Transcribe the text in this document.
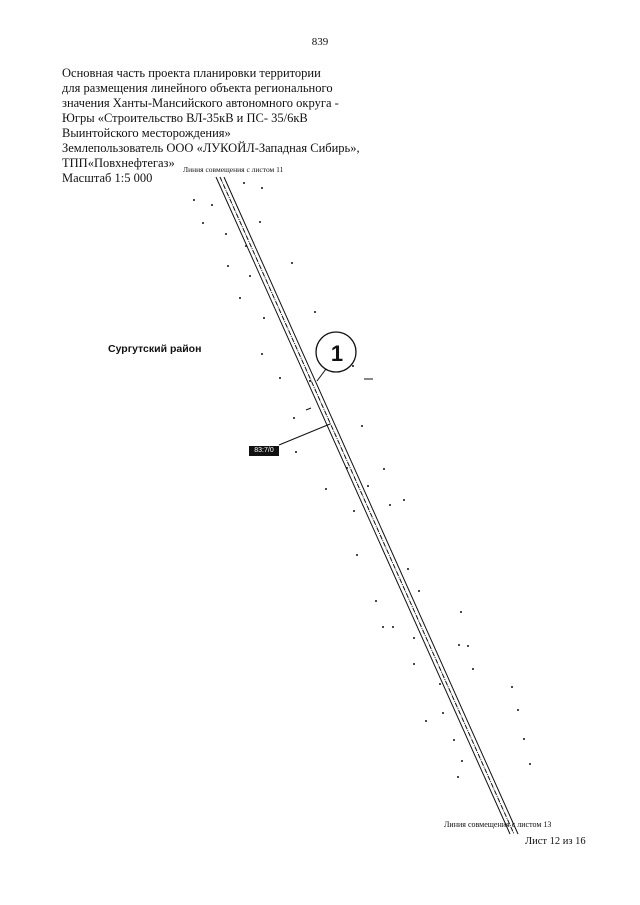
1
839
Основная часть проекта планировки территории
для размещения линейного объекта регионального
значения Ханты-Мансийского автономного округа -
Югры «Строительство ВЛ-35кВ и ПС- 35/6кВ
Выинтойского месторождения»
Землепользователь ООО «ЛУКОЙЛ-Западная Сибирь»,
ТПП«Повхнефтегаз»
Масштаб 1:5 000
Линия совмещения с листом 11
Сургутский район
83:7/0
Линия совмещения с листом 13
Лист 12 из 16
